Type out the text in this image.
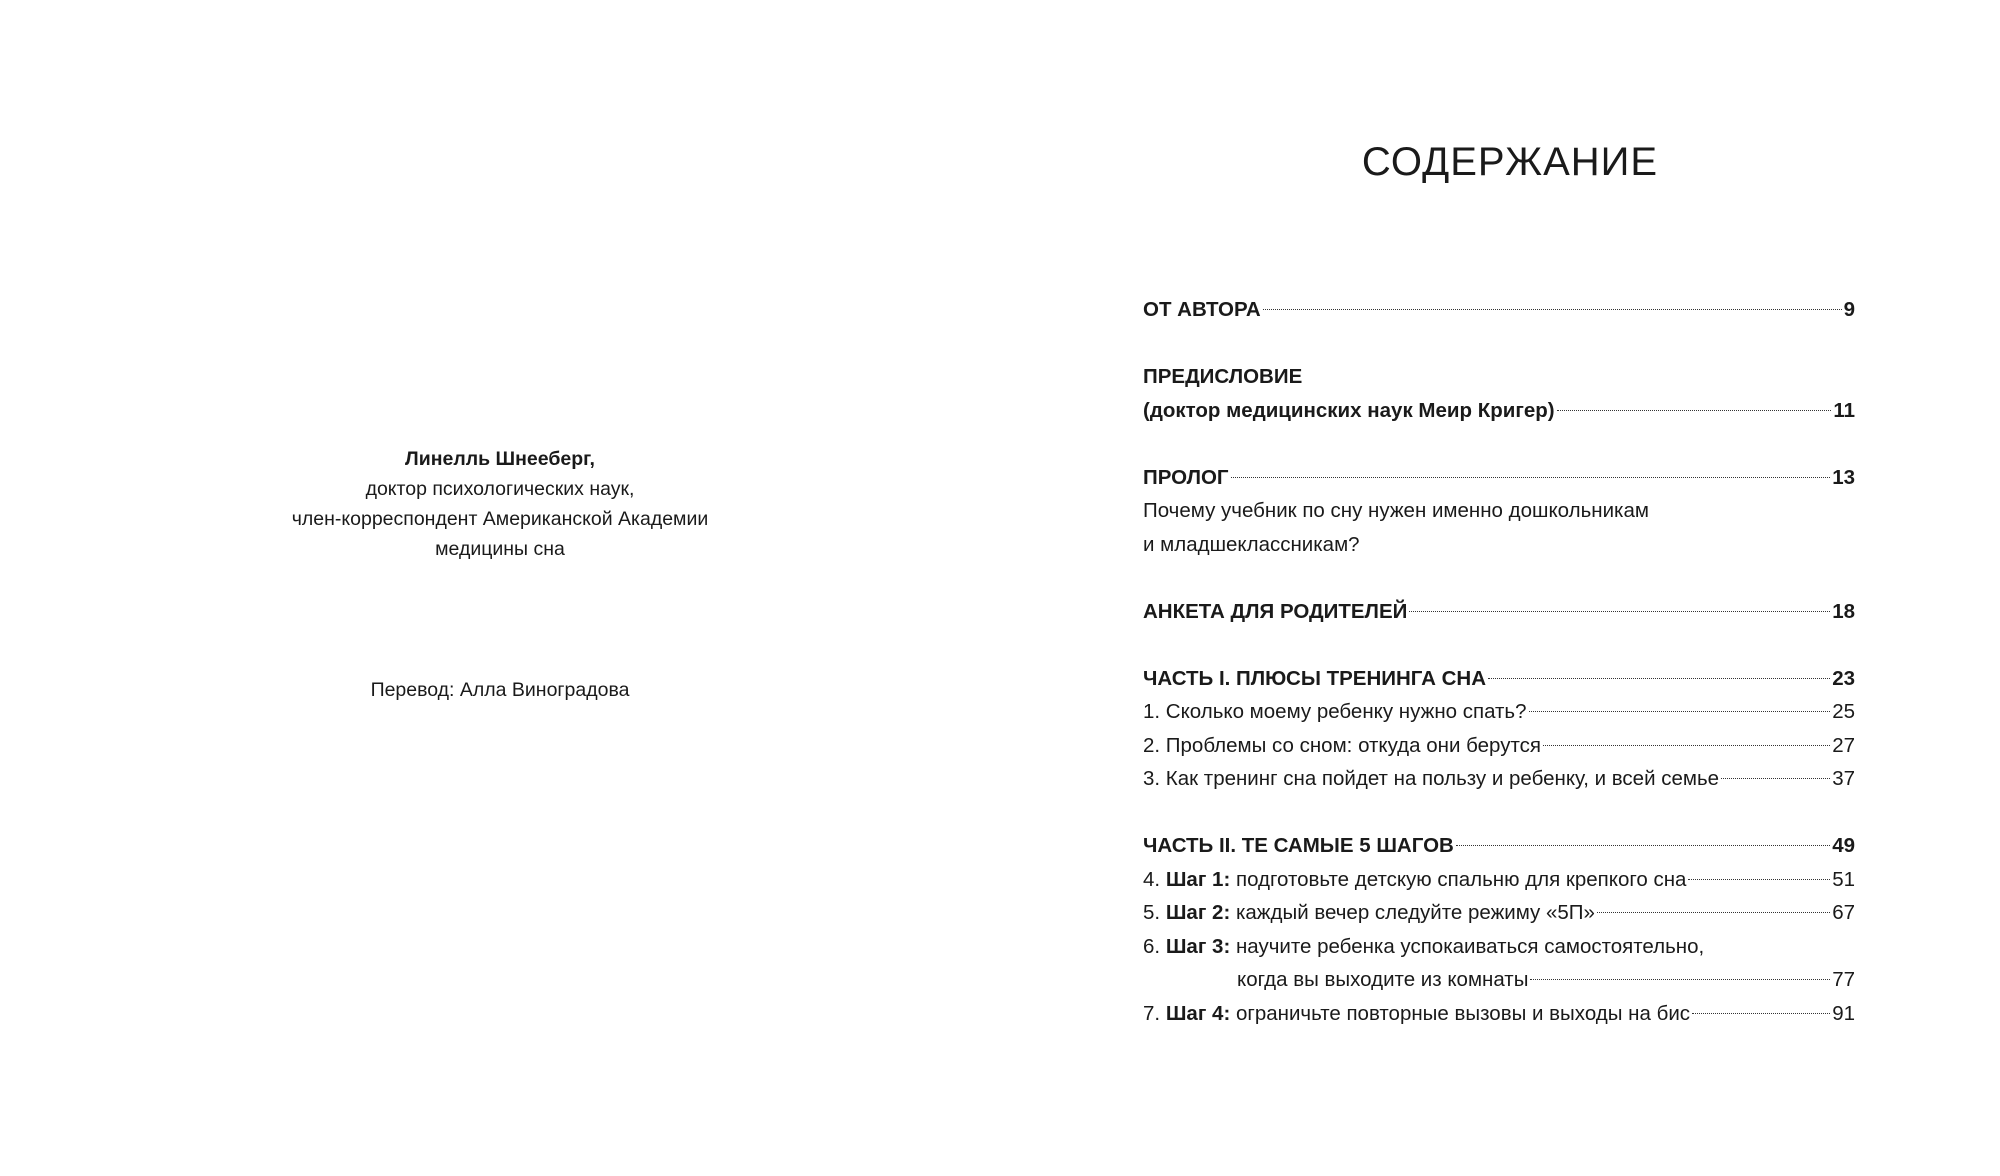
Линелль Шнееберг,
доктор психологических наук,
член-корреспондент Американской Академии
медицины сна
Перевод: Алла Виноградова
СОДЕРЖАНИЕ
ОТ АВТОРА	9
ПРЕДИСЛОВИЕ
(доктор медицинских наук Меир Кригер)	11
ПРОЛОГ	13
Почему учебник по сну нужен именно дошкольникам
и младшеклассникам?
АНКЕТА ДЛЯ РОДИТЕЛЕЙ	18
ЧАСТЬ I. ПЛЮСЫ ТРЕНИНГА СНА	23
1. Сколько моему ребенку нужно спать?	25
2. Проблемы со сном: откуда они берутся	27
3. Как тренинг сна пойдет на пользу и ребенку, и всей семье	37
ЧАСТЬ II. ТЕ САМЫЕ 5 ШАГОВ	49
4. Шаг 1: подготовьте детскую спальню для крепкого сна	51
5. Шаг 2: каждый вечер следуйте режиму «5П»	67
6. Шаг 3: научите ребенка успокаиваться самостоятельно,
когда вы выходите из комнаты	77
7. Шаг 4: ограничьте повторные вызовы и выходы на бис	91
